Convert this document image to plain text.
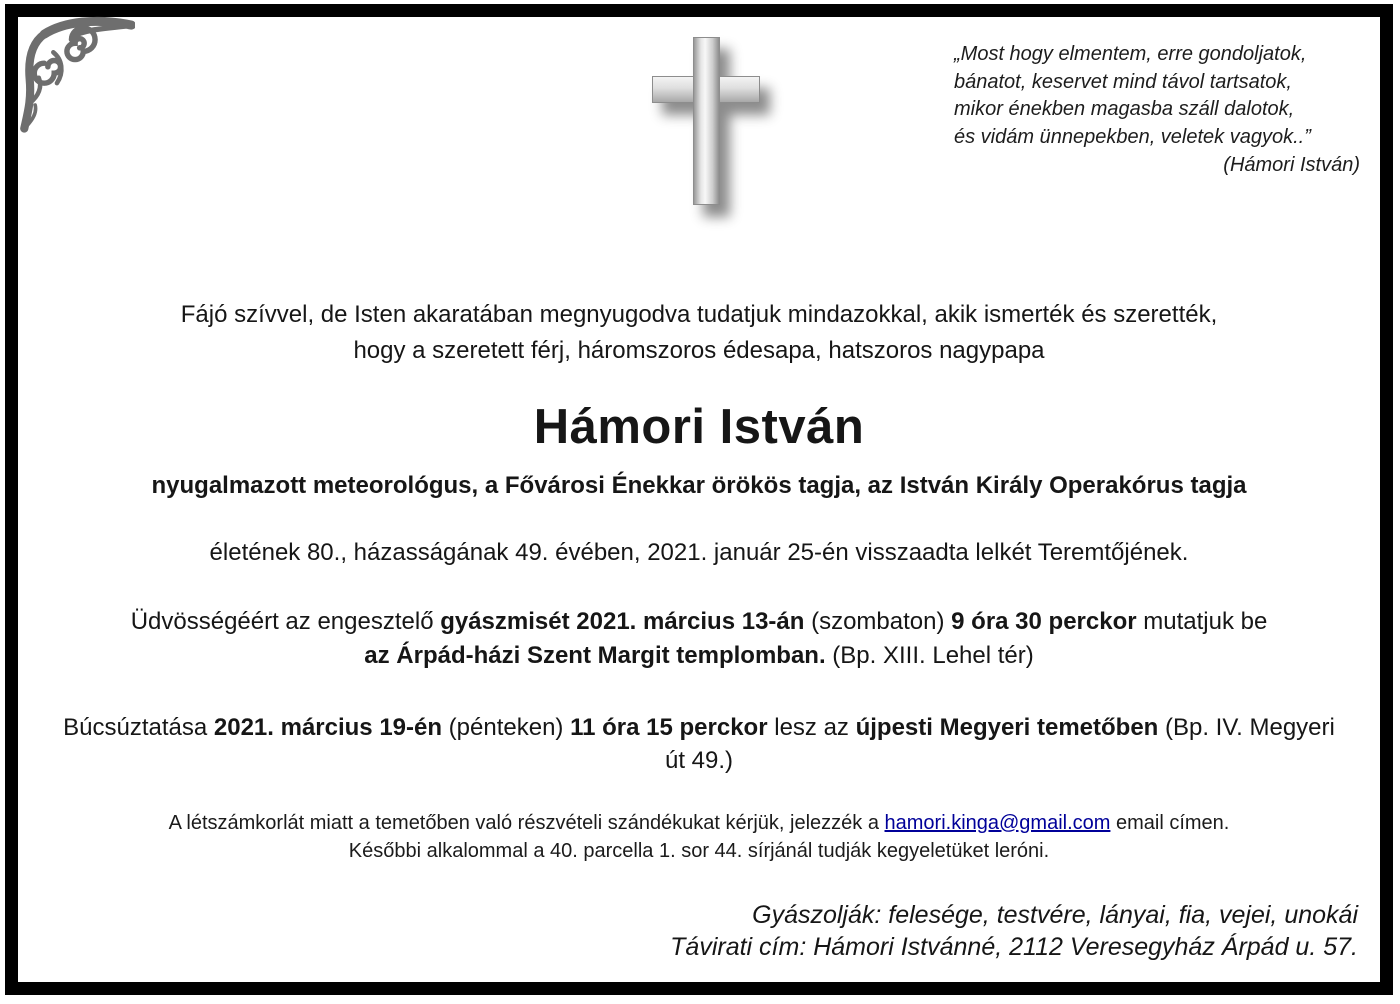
„Most hogy elmentem, erre gondoljatok,
bánatot, keservet mind távol tartsatok,
mikor énekben magasba száll dalotok,
és vidám ünnepekben, veletek vagyok..”
(Hámori István)
Fájó szívvel, de Isten akaratában megnyugodva tudatjuk mindazokkal, akik ismerték és szerették,
hogy a szeretett férj, háromszoros édesapa, hatszoros nagypapa
Hámori István
nyugalmazott meteorológus, a Fővárosi Énekkar örökös tagja, az István Király Operakórus tagja
életének 80., házasságának 49. évében, 2021. január 25-én visszaadta lelkét Teremtőjének.
Üdvösségéért az engesztelő gyászmisét 2021. március 13-án (szombaton) 9 óra 30 perckor mutatjuk be
az Árpád-házi Szent Margit templomban. (Bp. XIII. Lehel tér)
Búcsúztatása 2021. március 19-én (pénteken) 11 óra 15 perckor lesz az újpesti Megyeri temetőben (Bp. IV. Megyeri
út 49.)
A létszámkorlát miatt a temetőben való részvételi szándékukat kérjük, jelezzék a hamori.kinga@gmail.com email címen.
Későbbi alkalommal a 40. parcella 1. sor 44. sírjánál tudják kegyeletüket leróni.
Gyászolják: felesége, testvére, lányai, fia, vejei, unokái
Távirati cím: Hámori Istvánné, 2112 Veresegyház Árpád u. 57.
